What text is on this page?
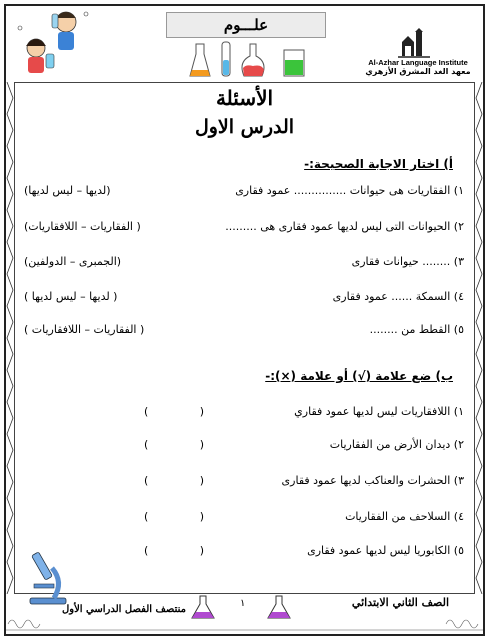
علـــوم
Al-Azhar Language Institute
معهد الغد المشرق الأزهري
الأسئلة
الدرس الاول
أ) اختار الاجابة الصحيحة:-
١) الفقاريات هى حيوانات ............... عمود فقارى
(لديها – ليس لديها)
٢) الحيوانات التى ليس لديها عمود فقارى هى .........
( الفقاريات – اللافقاريات)
٣) ........ حيوانات فقارى
(الجمبرى – الدولفين)
٤) السمكة ...... عمود فقارى
( لديها – ليس لديها )
٥) القطط من ........
( الفقاريات – اللافقاريات )
ب) ضع علامة (√) أو علامة (×):-
١) اللافقاريات ليس لديها عمود فقاري
(	)
٢) ديدان الأرض من الفقاريات
(	)
٣) الحشرات والعناكب لديها عمود فقارى
(	)
٤) السلاحف من الفقاريات
(	)
٥) الكابوريا ليس لديها عمود فقارى
(	)
الصف الثاني الابتدائي
منتصف الفصل الدراسي الأول
١
